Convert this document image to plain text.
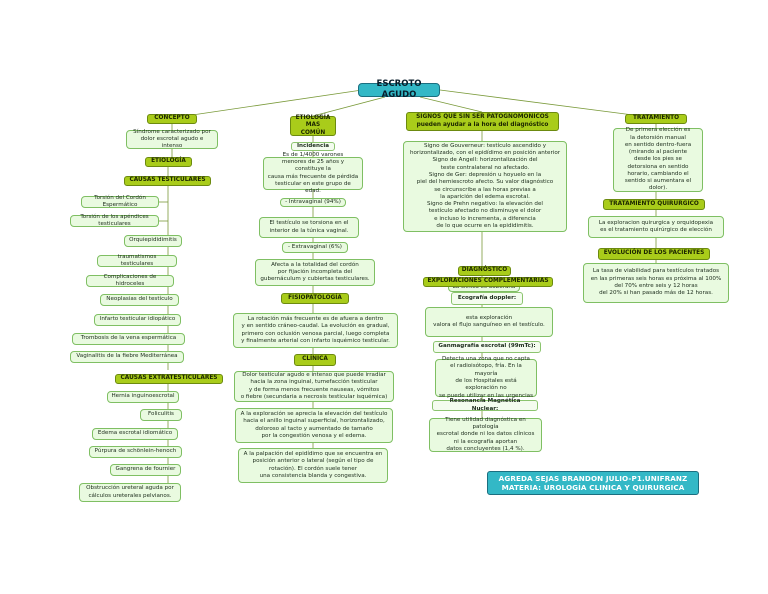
ESCROTO AGUDO
CONCEPTO
Síndrome caracterizado por
dolor escrotal agudo e intenso
ETIOLOGÍA
CAUSAS TESTICULARES
Torsión del Cordón Espermático
Torsión de los apéndices testiculares
Orquiepididimitis
traumatismos testiculares
Complicaciones de hidroceles
Neoplasias del testículo
Infarto testicular idiopático
Trombosis de la vena espermática
Vaginalitis de la fiebre Mediterránea
CAUSAS EXTRATESTICULARES
Hernia inguinoescrotal
Foliculitis
Edema escrotal idiomático
Púrpura de schönlein-henoch
Gangrena de fournier
Obstrucción ureteral aguda por
cálculos ureterales pelvianos.
ETIOLOGÍA
MAS COMÚN
Incidencia
Es de 1/4000 varones
menores de 25 años y constituye la
causa más frecuente de pérdida
testicular en este grupo de edad.
- Intravaginal (94%)
El testículo se torsiona en el
interior de la túnica vaginal.
- Extravaginal (6%)
Afecta a la totalidad del cordón
por fijación incompleta del
gubernáculum y cubiertas testiculares.
FISIOPATOLOGÍA
La rotación más frecuente es de afuera a dentro
y en sentido cráneo-caudal. La evolución es gradual,
primero con oclusión venosa parcial, luego completa
y finalmente arterial con infarto isquémico testicular.
CLÍNICA
Dolor testicular agudo e intenso que puede irradiar
hacia la zona inguinal, tumefacción testicular
y de forma menos frecuente nauseas, vómitos
o fiebre (secundaria a necrosis testicular isquémica)
A la exploración se aprecia la elevación del testículo
hacia el anillo inguinal superficial, horizontalizado,
doloroso al tacto y aumentado de tamaño
por la congestión venosa y el edema.
A la palpación del epidídimo que se encuentra en
posición anterior o lateral (según el tipo de
rotación). El cordón suele tener
una consistencia blanda y congestiva.
SIGNOS QUE SIN SER PATOGNOMONICOS
pueden ayudar a la hora del diagnóstico
Signo de Gouverneur: testículo ascendido y
horizontalizado, con el epidídimo en posición anterior
Signo de Angell: horizontalización del
teste contralateral no afectado.
Signo de Ger: depresión u hoyuelo en la
piel del hemiescroto afecto. Su valor diagnóstico
se circunscribe a las horas previas a
la aparición del edema escrotal.
Signo de Prehn negativo: la elevación del
testículo afectado no disminuye el dolor
e incluso lo incrementa, a diferencia
de lo que ocurre en la epididimitis.
DIAGNÓSTICO
EXPLORACIONES COMPLEMENTARIAS
Ecografía doppler:
esta exploración
valora el flujo sanguíneo en el testículo.
Ganmagrafía escrotal (99mTc):
Detecta una zona que no capta
el radioisótopo, fría. En la mayoría
de los Hospitales está exploración no
se puede utilizar en las urgencias
Resonancia Magnética Nuclear:
Tiene utilidad diagnóstica en patología
escrotal donde ni los datos clínicos
ni la ecografía aportan
datos concluyentes (1,4 %).
TRATAMIENTO
De primera elección es
la detorsión manual
en sentido dentro-fuera
(mirando al paciente
desde los pies se
detorsiona en sentido
horario, cambiando el
sentido si aumentara el dolor).
TRATAMIENTO QUIRURGICO
La exploracion quirurgica y orquidopexia
es el tratamiento quirúrgico de elección
EVOLUCIÓN DE LOS PACIENTES
La tasa de viabilidad para testículos tratados
en las primeras seis horas es próxima al 100%
del 70% entre seis y 12 horas
del 20% si han pasado más de 12 horas.
AGREDA SEJAS BRANDON JULIO-P1.UNIFRANZ
MATERIA: UROLOGÍA CLINICA Y QUIRURGICA
